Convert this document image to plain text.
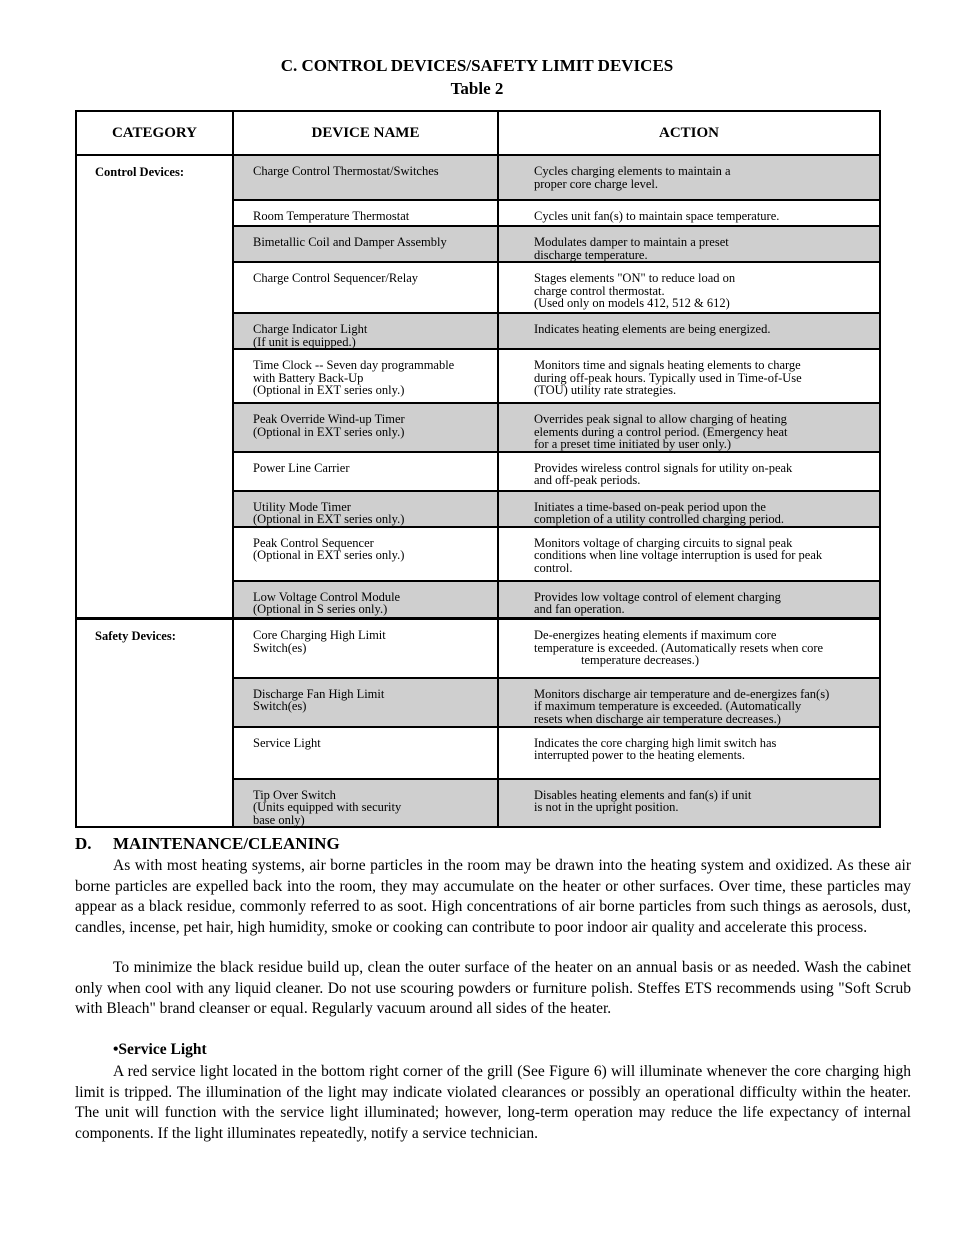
C. CONTROL DEVICES/SAFETY LIMIT DEVICES
Table 2
CATEGORY	DEVICE NAME	ACTION
Control Devices:	Charge Control Thermostat/Switches	Cycles charging elements to maintain a
proper core charge level.

	Room Temperature Thermostat	Cycles unit fan(s) to maintain space temperature.

	Bimetallic Coil and Damper Assembly	Modulates damper to maintain a preset
discharge temperature.

	Charge Control Sequencer/Relay	Stages elements "ON" to reduce load on
charge control thermostat.
(Used only on models 412, 512 & 612)

	Charge Indicator Light
(If unit is equipped.)	Indicates heating elements are being energized.

	Time Clock -- Seven day programmable
with Battery Back-Up
(Optional in EXT series only.)	Monitors time and signals heating elements to charge
during off-peak hours. Typically used in Time-of-Use
(TOU) utility rate strategies.

	Peak Override Wind-up Timer
(Optional in EXT series only.)	Overrides peak signal to allow charging of heating
elements during a control period. (Emergency heat
for a preset time initiated by user only.)

	Power Line Carrier	Provides wireless control signals for utility on-peak
and off-peak periods.

	Utility Mode Timer
(Optional in EXT series only.)	Initiates a time-based on-peak period upon the
completion of a utility controlled charging period.

	Peak Control Sequencer
(Optional in EXT series only.)	Monitors voltage of charging circuits to signal peak
conditions when line voltage interruption is used for peak
control.

	Low Voltage Control Module
(Optional in S series only.)	Provides low voltage control of element charging
and fan operation.

Safety Devices:	Core Charging High Limit
Switch(es)	De-energizes heating elements if maximum core
temperature is exceeded. (Automatically resets when core
temperature decreases.)

	Discharge Fan High Limit
Switch(es)	Monitors discharge air temperature and de-energizes fan(s)
if maximum temperature is exceeded. (Automatically
resets when discharge air temperature decreases.)

	Service Light	Indicates the core charging high limit switch has
interrupted power to the heating elements.

	Tip Over Switch
(Units equipped with security
base only)	Disables heating elements and fan(s) if unit
is not in the upright position.
D. MAINTENANCE/CLEANING

As with most heating systems, air borne particles in the room may be drawn into the heating system and oxidized. As these air borne particles are expelled back into the room, they may accumulate on the heater or other surfaces. Over time, these particles may appear as a black residue, commonly referred to as soot. High concentrations of air borne particles from such things as aerosols, dust, candles, incense, pet hair, high humidity, smoke or cooking can contribute to poor indoor air quality and accelerate this process.

To minimize the black residue build up, clean the outer surface of the heater on an annual basis or as needed. Wash the cabinet only when cool with any liquid cleaner. Do not use scouring powders or furniture polish. Steffes ETS recommends using "Soft Scrub with Bleach" brand cleanser or equal. Regularly vacuum around all sides of the heater.

•Service Light

A red service light located in the bottom right corner of the grill (See Figure 6) will illuminate whenever the core charging high limit is tripped. The illumination of the light may indicate violated clearances or possibly an operational difficulty within the heater. The unit will function with the service light illuminated; however, long-term operation may reduce the life expectancy of internal components. If the light illuminates repeatedly, notify a service technician.
